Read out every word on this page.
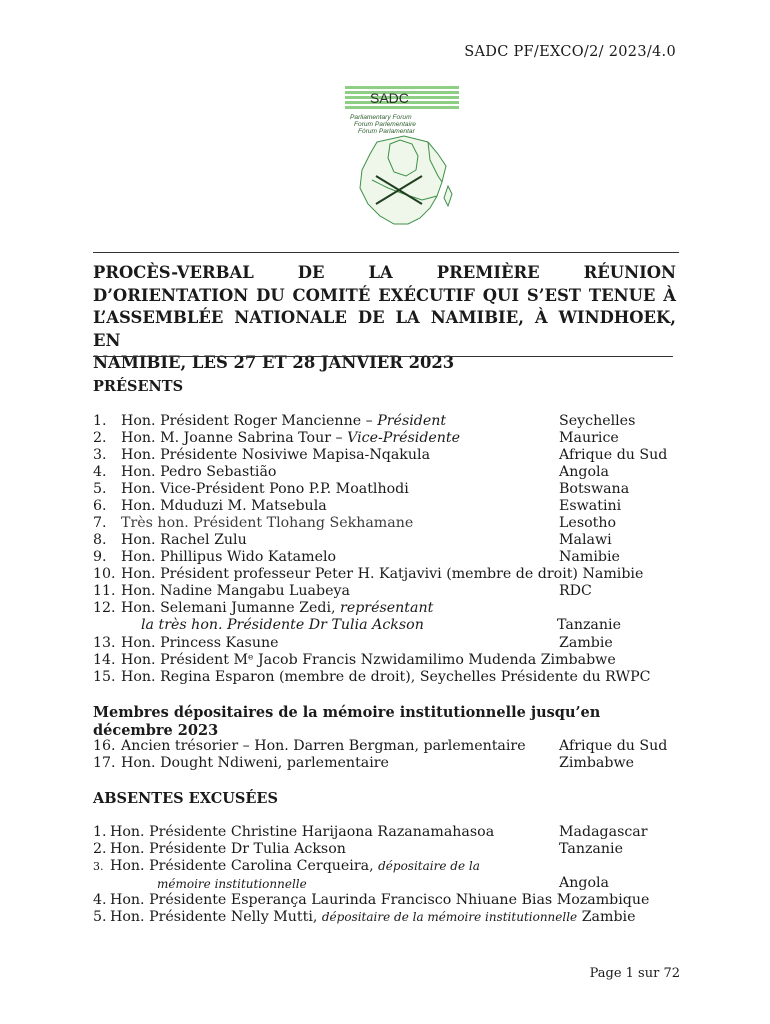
SADC PF/EXCO/2/ 2023/4.0
SADC
Parliamentary Forum
Forum Parlementaire
Fórum Parlamentar
PROCÈS-VERBAL DE LA PREMIÈRE RÉUNION
D’ORIENTATION DU COMITÉ EXÉCUTIF QUI S’EST TENUE À
L’ASSEMBLÉE NATIONALE DE LA NAMIBIE, À WINDHOEK, EN
NAMIBIE, LES 27 ET 28 JANVIER 2023
PRÉSENTS
1. Hon. Président Roger Mancienne – Président	Seychelles
2. Hon. M. Joanne Sabrina Tour – Vice-Présidente	Maurice
3. Hon. Présidente Nosiviwe Mapisa-Nqakula	Afrique du Sud
4. Hon. Pedro Sebastião	Angola
5. Hon. Vice-Président Pono P.P. Moatlhodi	Botswana
6. Hon. Mduduzi M. Matsebula	Eswatini
7. Très hon. Président Tlohang Sekhamane	Lesotho
8. Hon. Rachel Zulu	Malawi
9. Hon. Phillipus Wido Katamelo	Namibie
10. Hon. Président professeur Peter H. Katjavivi (membre de droit) Namibie
11. Hon. Nadine Mangabu Luabeya	RDC
12. Hon. Selemani Jumanne Zedi, représentant
la très hon. Présidente Dr Tulia Ackson	Tanzanie
13. Hon. Princess Kasune	Zambie
14. Hon. Président Mᵉ Jacob Francis Nzwidamilimo Mudenda Zimbabwe
15. Hon. Regina Esparon (membre de droit), Seychelles Présidente du RWPC
Membres dépositaires de la mémoire institutionnelle jusqu’en décembre 2023
16. Ancien trésorier – Hon. Darren Bergman, parlementaire Afrique du Sud
17. Hon. Dought Ndiweni, parlementaire	Zimbabwe
ABSENTES EXCUSÉES
1. Hon. Présidente Christine Harijaona Razanamahasoa	Madagascar
2. Hon. Présidente Dr Tulia Ackson	Tanzanie
3. Hon. Présidente Carolina Cerqueira, dépositaire de la
mémoire institutionnelle	Angola
4. Hon. Présidente Esperança Laurinda Francisco Nhiuane Bias Mozambique
5. Hon. Présidente Nelly Mutti, dépositaire de la mémoire institutionnelle Zambie
Page 1 sur 72
